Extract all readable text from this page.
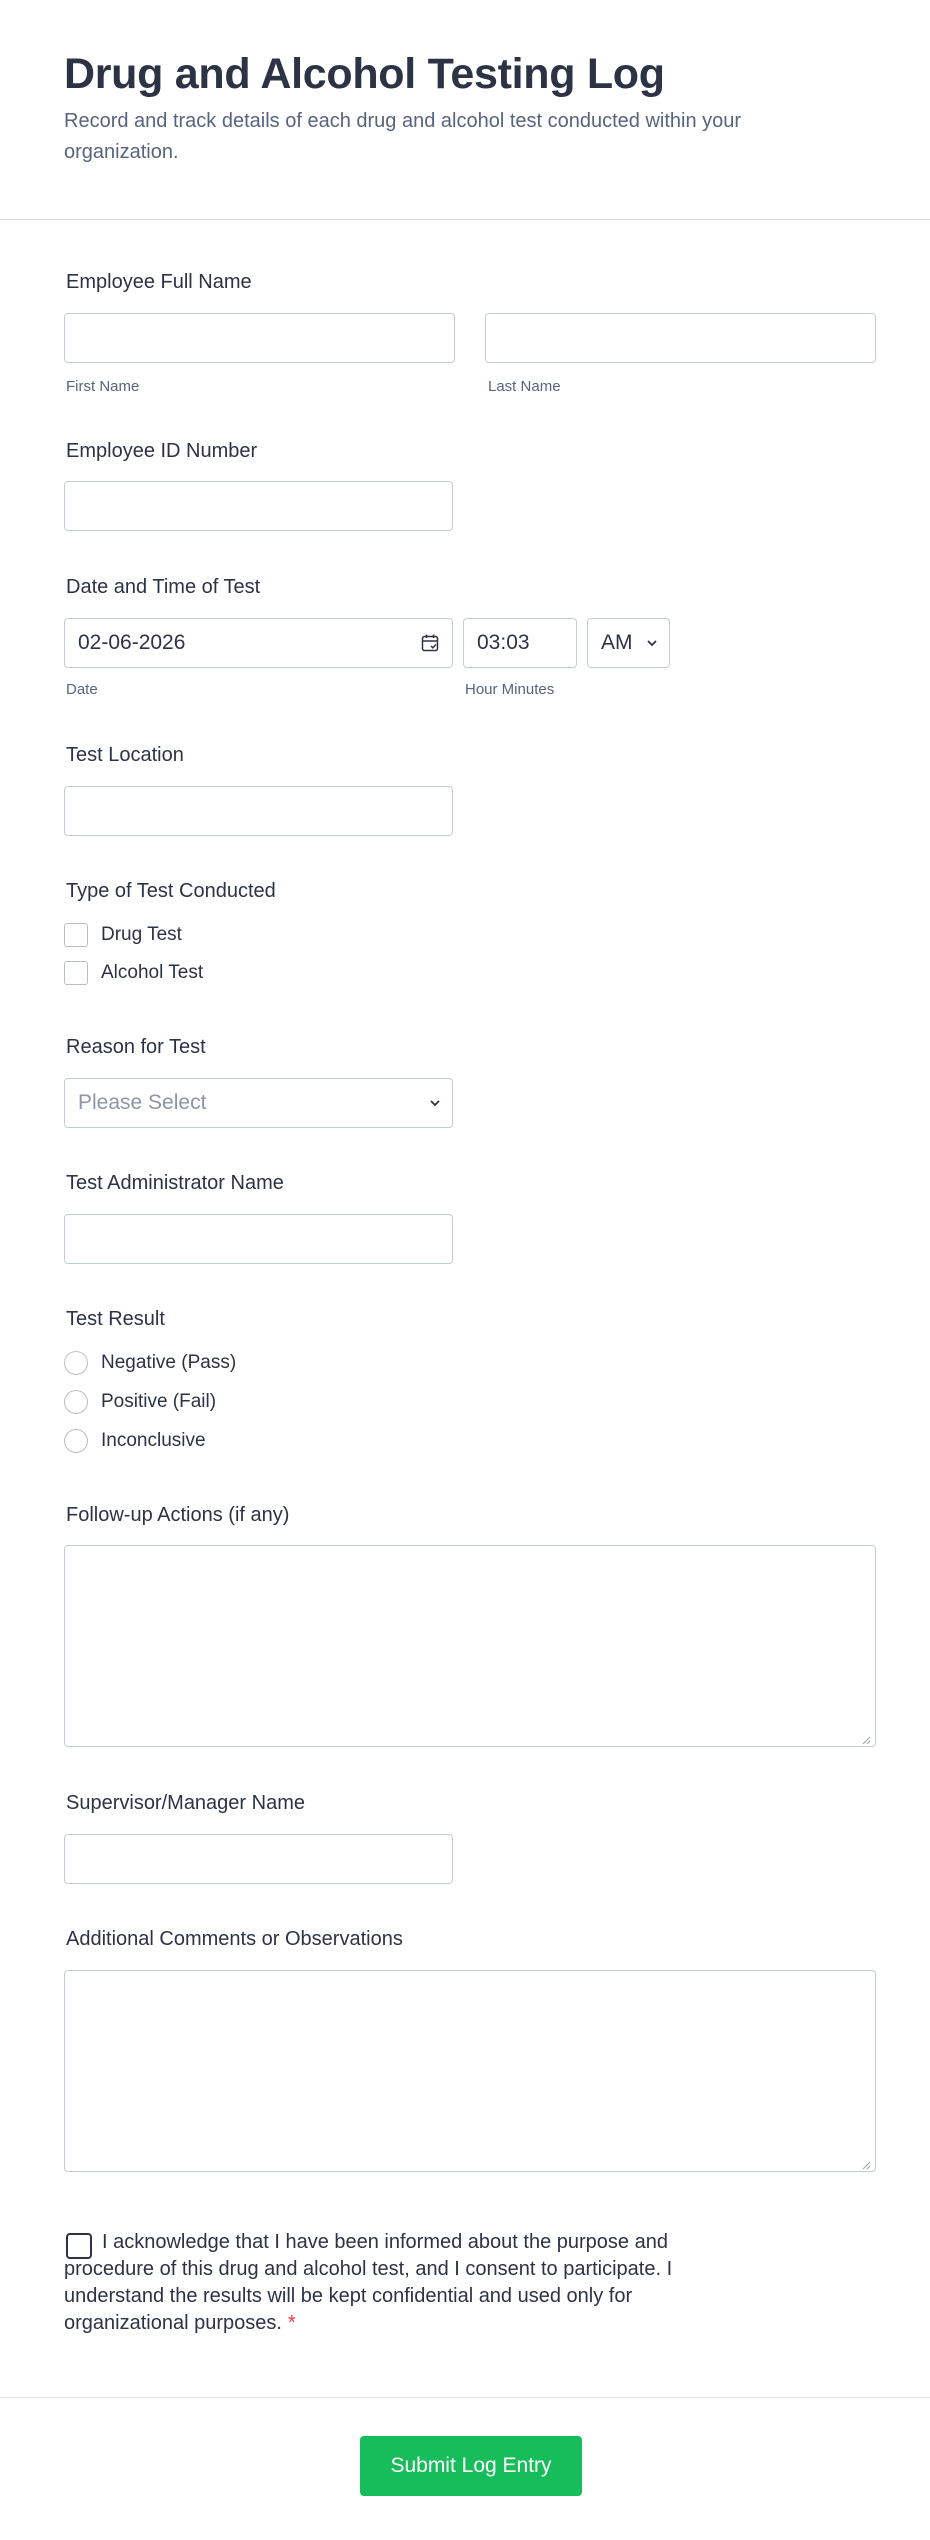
Drug and Alcohol Testing Log
Record and track details of each drug and alcohol test conducted within your organization.
Employee Full Name
First Name	Last Name
Employee ID Number
Date and Time of Test
02-06-2026	03:03	AM
Date	Hour Minutes
Test Location
Type of Test Conducted
Drug Test
Alcohol Test
Reason for Test
Please Select
Test Administrator Name
Test Result
Negative (Pass)
Positive (Fail)
Inconclusive
Follow-up Actions (if any)
Supervisor/Manager Name
Additional Comments or Observations
I acknowledge that I have been informed about the purpose and procedure of this drug and alcohol test, and I consent to participate. I understand the results will be kept confidential and used only for organizational purposes. *
Submit Log Entry
